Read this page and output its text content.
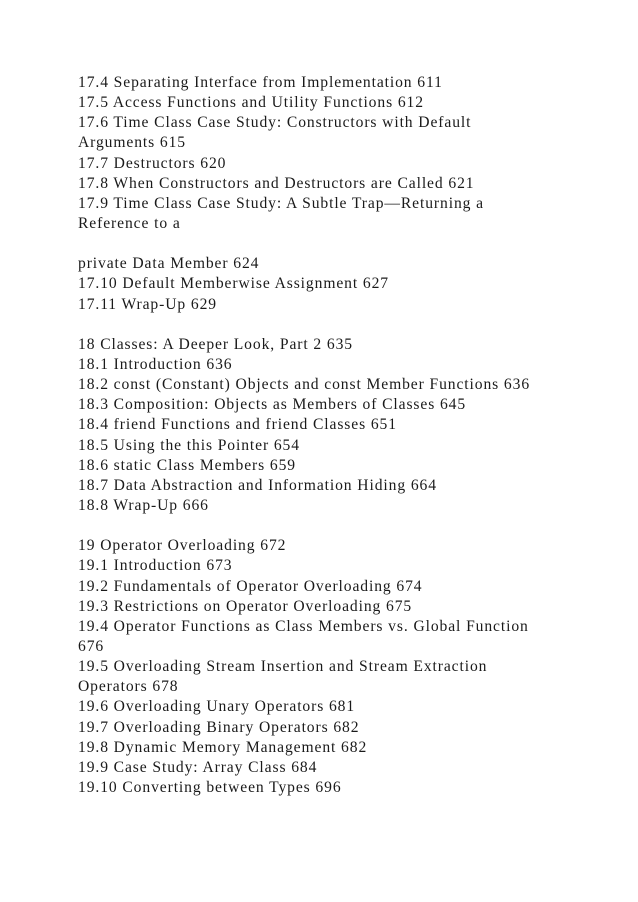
17.4 Separating Interface from Implementation 611
17.5 Access Functions and Utility Functions 612
17.6 Time Class Case Study: Constructors with Default
Arguments 615
17.7 Destructors 620
17.8 When Constructors and Destructors are Called 621
17.9 Time Class Case Study: A Subtle Trap—Returning a
Reference to a
private Data Member 624
17.10 Default Memberwise Assignment 627
17.11 Wrap-Up 629
18 Classes: A Deeper Look, Part 2 635
18.1 Introduction 636
18.2 const (Constant) Objects and const Member Functions 636
18.3 Composition: Objects as Members of Classes 645
18.4 friend Functions and friend Classes 651
18.5 Using the this Pointer 654
18.6 static Class Members 659
18.7 Data Abstraction and Information Hiding 664
18.8 Wrap-Up 666
19 Operator Overloading 672
19.1 Introduction 673
19.2 Fundamentals of Operator Overloading 674
19.3 Restrictions on Operator Overloading 675
19.4 Operator Functions as Class Members vs. Global Function
676
19.5 Overloading Stream Insertion and Stream Extraction
Operators 678
19.6 Overloading Unary Operators 681
19.7 Overloading Binary Operators 682
19.8 Dynamic Memory Management 682
19.9 Case Study: Array Class 684
19.10 Converting between Types 696
